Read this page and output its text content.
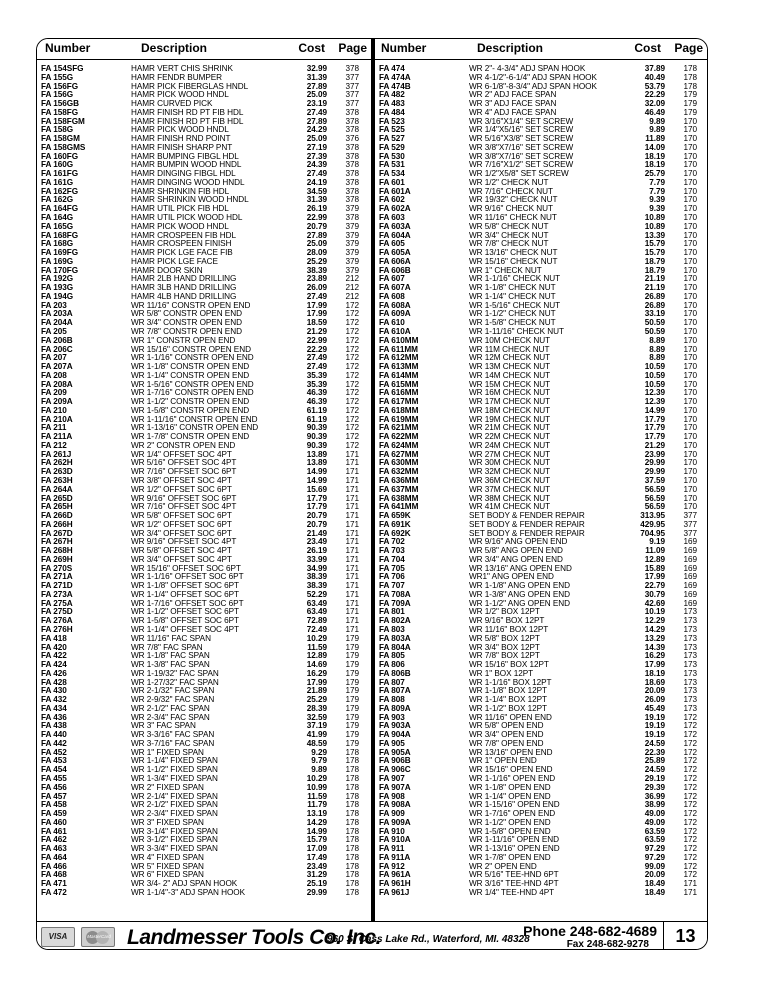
Number	Description	Cost Page Number	Description	Cost Page
FA 154SFG	HAMR VERT CHIS SHRINK	32.99	378
FA 155G	HAMR FENDR BUMPER	31.39	377
FA 156FG	HAMR PICK FIBERGLAS HNDL	27.89	377
FA 156G	HAMR PICK WOOD HNDL	25.09	377
FA 156GB	HAMR CURVED PICK	23.19	377
FA 158FG	HAMR FINISH RD PT FIB HDL	27.49	378
FA 158FGM	HAMR FINISH RD PT FIB HDL	27.89	378
FA 158G	HAMR PICK WOOD HNDL	24.29	378
FA 158GM	HAMR FINISH RND POINT	25.09	376
FA 158GMS	HAMR FINISH SHARP PNT	27.19	378
FA 160FG	HAMR BUMPING FIBGL HDL	27.39	378
FA 160G	HAMR BUMPIN WOOD HNDL	24.39	378
FA 161FG	HAMR DINGING FIBGL HDL	27.49	378
FA 161G	HAMR DINGING WOOD HNDL	24.19	378
FA 162FG	HAMR SHRINKIN FIB HDL	34.59	378
FA 162G	HAMR SHRINKIN WOOD HNDL	31.39	378
FA 164FG	HAMR UTIL PICK FIB HDL	26.19	379
FA 164G	HAMR UTIL PICK WOOD HDL	22.99	378
FA 165G	HAMR PICK WOOD HNDL	20.79	379
FA 168FG	HAMR CROSPEEN FIB HDL	27.89	379
FA 168G	HAMR CROSPEEN FINISH	25.09	379
FA 169FG	HAMR PICK LGE FACE FIB	28.09	379
FA 169G	HAMR PICK LGE FACE	25.29	379
FA 170FG	HAMR DOOR SKIN	38.39	379
FA 192G	HAMR 2LB HAND DRILLING	23.89	212
FA 193G	HAMR 3LB HAND DRILLING	26.09	212
FA 194G	HAMR 4LB HAND DRILLING	27.49	212
FA 203	WR 11/16" CONSTR OPEN END	17.99	172
FA 203A	WR 5/8" CONSTR OPEN END	17.99	172
FA 204A	WR 3/4" CONSTR OPEN END	18.59	172
FA 205	WR 7/8" CONSTR OPEN END	21.29	172
FA 206B	WR 1" CONSTR OPEN END	22.99	172
FA 206C	WR 15/16" CONSTR OPEN END	22.29	172
FA 207	WR 1-1/16" CONSTR OPEN END	27.49	172
FA 207A	WR 1-1/8" CONSTR OPEN END	27.49	172
FA 208	WR 1-1/4" CONSTR OPEN END	35.39	172
FA 208A	WR 1-5/16" CONSTR OPEN END	35.39	172
FA 209	WR 1-7/16" CONSTR OPEN END	46.39	172
FA 209A	WR 1-1/2" CONSTR OPEN END	46.39	172
FA 210	WR 1-5/8" CONSTR OPEN END	61.19	172
FA 210A	WR 1-11/16" CONSTR OPEN END	61.19	172
FA 211	WR 1-13/16" CONSTR OPEN END	90.39	172
FA 211A	WR 1-7/8" CONSTR OPEN END	90.39	172
FA 212	WR 2" CONSTR OPEN END	90.39	172
FA 261J	WR 1/4" OFFSET SOC 4PT	13.89	171
FA 262H	WR 5/16" OFFSET SOC 4PT	13.89	171
FA 263D	WR 7/16" OFFSET SOC 6PT	14.99	171
FA 263H	WR 3/8" OFFSET SOC 4PT	14.99	171
FA 264A	WR 1/2" OFFSET SOC 6PT	15.69	171
FA 265D	WR 9/16" OFFSET SOC 6PT	17.79	171
FA 265H	WR 7/16" OFFSET SOC 4PT	17.79	171
FA 266D	WR 5/8" OFFSET SOC 6PT	20.79	171
FA 266H	WR 1/2" OFFSET SOC 6PT	20.79	171
FA 267D	WR 3/4" OFFSET SOC 6PT	21.49	171
FA 267H	WR 9/16" OFFSET SOC 4PT	23.49	171
FA 268H	WR 5/8" OFFSET SOC 4PT	26.19	171
FA 269H	WR 3/4" OFFSET SOC 4PT	33.99	171
FA 270S	WR 15/16" OFFSET SOC 6PT	34.99	171
FA 271A	WR 1-1/16" OFFSET SOC 6PT	38.39	171
FA 271D	WR 1-1/8" OFFSET SOC 6PT	38.39	171
FA 273A	WR 1-1/4" OFFSET SOC 6PT	52.29	171
FA 275A	WR 1-7/16" OFFSET SOC 6PT	63.49	171
FA 275D	WR 1-1/2" OFFSET SOC 6PT	63.49	171
FA 276A	WR 1-5/8" OFFSET SOC 6PT	72.89	171
FA 276H	WR 1-1/4" OFFSET SOC 4PT	72.49	171
FA 418	WR 11/16" FAC SPAN	10.29	179
FA 420	WR 7/8" FAC SPAN	11.59	179
FA 422	WR 1-1/8" FAC SPAN	12.89	179
FA 424	WR 1-3/8" FAC SPAN	14.69	179
FA 426	WR 1-19/32" FAC SPAN	16.29	179
FA 428	WR 1-27/32" FAC SPAN	17.99	179
FA 430	WR 2-1/32" FAC SPAN	21.89	179
FA 432	WR 2-9/32" FAC SPAN	25.29	179
FA 434	WR 2-1/2" FAC SPAN	28.39	179
FA 436	WR 2-3/4" FAC SPAN	32.59	179
FA 438	WR 3" FAC SPAN	37.19	179
FA 440	WR 3-3/16" FAC SPAN	41.99	179
FA 442	WR 3-7/16" FAC SPAN	48.59	179
FA 452	WR 1" FIXED SPAN	9.29	178
FA 453	WR 1-1/4" FIXED SPAN	9.79	178
FA 454	WR 1-1/2" FIXED SPAN	9.89	178
FA 455	WR 1-3/4" FIXED SPAN	10.29	178
FA 456	WR 2" FIXED SPAN	10.99	178
FA 457	WR 2-1/4" FIXED SPAN	11.59	178
FA 458	WR 2-1/2" FIXED SPAN	11.79	178
FA 459	WR 2-3/4" FIXED SPAN	13.19	178
FA 460	WR 3" FIXED SPAN	14.29	178
FA 461	WR 3-1/4" FIXED SPAN	14.99	178
FA 462	WR 3-1/2" FIXED SPAN	15.79	178
FA 463	WR 3-3/4" FIXED SPAN	17.09	178
FA 464	WR 4" FIXED SPAN	17.49	178
FA 466	WR 5" FIXED SPAN	23.49	178
FA 468	WR 6" FIXED SPAN	31.29	178
FA 471	WR 3/4- 2" ADJ SPAN HOOK	25.19	178
FA 472	WR 1-1/4"-3" ADJ SPAN HOOK	29.99	178
FA 474	WR 2"- 4-3/4" ADJ SPAN HOOK	37.89	178
FA 474A	WR 4-1/2"-6-1/4" ADJ SPAN HOOK	40.49	178
FA 474B	WR 6-1/8"-8-3/4" ADJ SPAN HOOK	53.79	178
FA 482	WR 2" ADJ FACE SPAN	22.29	179
FA 483	WR 3" ADJ FACE SPAN	32.09	179
FA 484	WR 4" ADJ FACE SPAN	46.49	179
FA 523	WR 3/16"X1/4" SET SCREW	9.89	170
FA 525	WR 1/4"X5/16" SET SCREW	9.89	170
FA 527	WR 5/16"X3/8" SET SCREW	11.89	170
FA 529	WR 3/8"X7/16" SET SCREW	14.09	170
FA 530	WR 3/8"X7/16" SET SCREW	18.19	170
FA 531	WR 7/16"X1/2" SET SCREW	18.19	170
FA 534	WR 1/2"X5/8" SET SCREW	25.79	170
FA 601	WR 1/2" CHECK NUT	7.79	170
FA 601A	WR 7/16" CHECK NUT	7.79	170
FA 602	WR 19/32" CHECK NUT	9.39	170
FA 602A	WR 9/16" CHECK NUT	9.39	170
FA 603	WR 11/16" CHECK NUT	10.89	170
FA 603A	WR 5/8" CHECK NUT	10.89	170
FA 604A	WR 3/4" CHECK NUT	13.39	170
FA 605	WR 7/8" CHECK NUT	15.79	170
FA 605A	WR 13/16" CHECK NUT	15.79	170
FA 606A	WR 15/16" CHECK NUT	18.79	170
FA 606B	WR 1" CHECK NUT	18.79	170
FA 607	WR 1-1/16" CHECK NUT	21.19	170
FA 607A	WR 1-1/8" CHECK NUT	21.19	170
FA 608	WR 1-1/4" CHECK NUT	26.89	170
FA 608A	WR 1-5/16" CHECK NUT	26.89	170
FA 609A	WR 1-1/2" CHECK NUT	33.19	170
FA 610	WR 1-5/8" CHECK NUT	50.59	170
FA 610A	WR 1-11/16" CHECK NUT	50.59	170
FA 610MM	WR 10M CHECK NUT	8.89	170
FA 611MM	WR 11M CHECK NUT	8.89	170
FA 612MM	WR 12M CHECK NUT	8.89	170
FA 613MM	WR 13M CHECK NUT	10.59	170
FA 614MM	WR 14M CHECK NUT	10.59	170
FA 615MM	WR 15M CHECK NUT	10.59	170
FA 616MM	WR 16M CHECK NUT	12.39	170
FA 617MM	WR 17M CHECK NUT	12.39	170
FA 618MM	WR 18M CHECK NUT	14.99	170
FA 619MM	WR 19M CHECK NUT	17.79	170
FA 621MM	WR 21M CHECK NUT	17.79	170
FA 622MM	WR 22M CHECK NUT	17.79	170
FA 624MM	WR 24M CHECK NUT	21.29	170
FA 627MM	WR 27M CHECK NUT	23.99	170
FA 630MM	WR 30M CHECK NUT	29.99	170
FA 632MM	WR 32M CHECK NUT	29.99	170
FA 636MM	WR 36M CHECK NUT	37.59	170
FA 637MM	WR 37M CHECK NUT	56.59	170
FA 638MM	WR 38M CHECK NUT	56.59	170
FA 641MM	WR 41M CHECK NUT	56.59	170
FA 659K	SET BODY & FENDER REPAIR	313.95	377
FA 691K	SET BODY & FENDER REPAIR	429.95	377
FA 692K	SET BODY & FENDER REPAIR	704.95	377
FA 702	WR 9/16" ANG OPEN END	9.19	169
FA 703	WR 5/8" ANG OPEN END	11.09	169
FA 704	WR 3/4" ANG OPEN END	12.89	169
FA 705	WR 13/16" ANG OPEN END	15.89	169
FA 706	WR1" ANG OPEN END	17.99	169
FA 707	WR 1-1/8" ANG OPEN END	22.79	169
FA 708A	WR 1-3/8" ANG OPEN END	30.79	169
FA 709A	WR 1-1/2" ANG OPEN END	42.69	169
FA 801	WR 1/2" BOX 12PT	10.19	173
FA 802A	WR 9/16" BOX 12PT	12.29	173
FA 803	WR 11/16" BOX 12PT	14.29	173
FA 803A	WR 5/8" BOX 12PT	13.29	173
FA 804A	WR 3/4" BOX 12PT	14.39	173
FA 805	WR 7/8" BOX 12PT	16.29	173
FA 806	WR 15/16" BOX 12PT	17.99	173
FA 806B	WR 1" BOX 12PT	18.19	173
FA 807	WR 1-1/16" BOX 12PT	18.69	173
FA 807A	WR 1-1/8" BOX 12PT	20.09	173
FA 808	WR 1-1/4" BOX 12PT	26.09	173
FA 809A	WR 1-1/2" BOX 12PT	45.49	173
FA 903	WR 11/16" OPEN END	19.19	172
FA 903A	WR 5/8" OPEN END	19.19	172
FA 904A	WR 3/4" OPEN END	19.19	172
FA 905	WR 7/8" OPEN END	24.59	172
FA 905A	WR 13/16" OPEN END	22.39	172
FA 906B	WR 1" OPEN END	25.89	172
FA 906C	WR 15/16" OPEN END	24.59	172
FA 907	WR 1-1/16" OPEN END	29.19	172
FA 907A	WR 1-1/8" OPEN END	29.39	172
FA 908	WR 1-1/4" OPEN END	36.99	172
FA 908A	WR 1-15/16" OPEN END	38.99	172
FA 909	WR 1-7/16" OPEN END	49.09	172
FA 909A	WR 1-1/2" OPEN END	49.09	172
FA 910	WR 1-5/8" OPEN END	63.59	172
FA 910A	WR 1-11/16" OPEN END	63.59	172
FA 911	WR 1-13/16" OPEN END	97.29	172
FA 911A	WR 1-7/8" OPEN END	97.29	172
FA 912	WR 2" OPEN END	99.09	172
FA 961A	WR 5/16" TEE-HND 6PT	20.09	172
FA 961H	WR 3/16" TEE-HND 4PT	18.49	171
FA 961J	WR 1/4" TEE-HND 4PT	18.49	171
VISA	MasterCard Landmesser Tools Co. Inc.
960 S. Cass Lake Rd., Waterford, MI. 48328
Phone 248-682-4689
Fax 248-682-9278	13
